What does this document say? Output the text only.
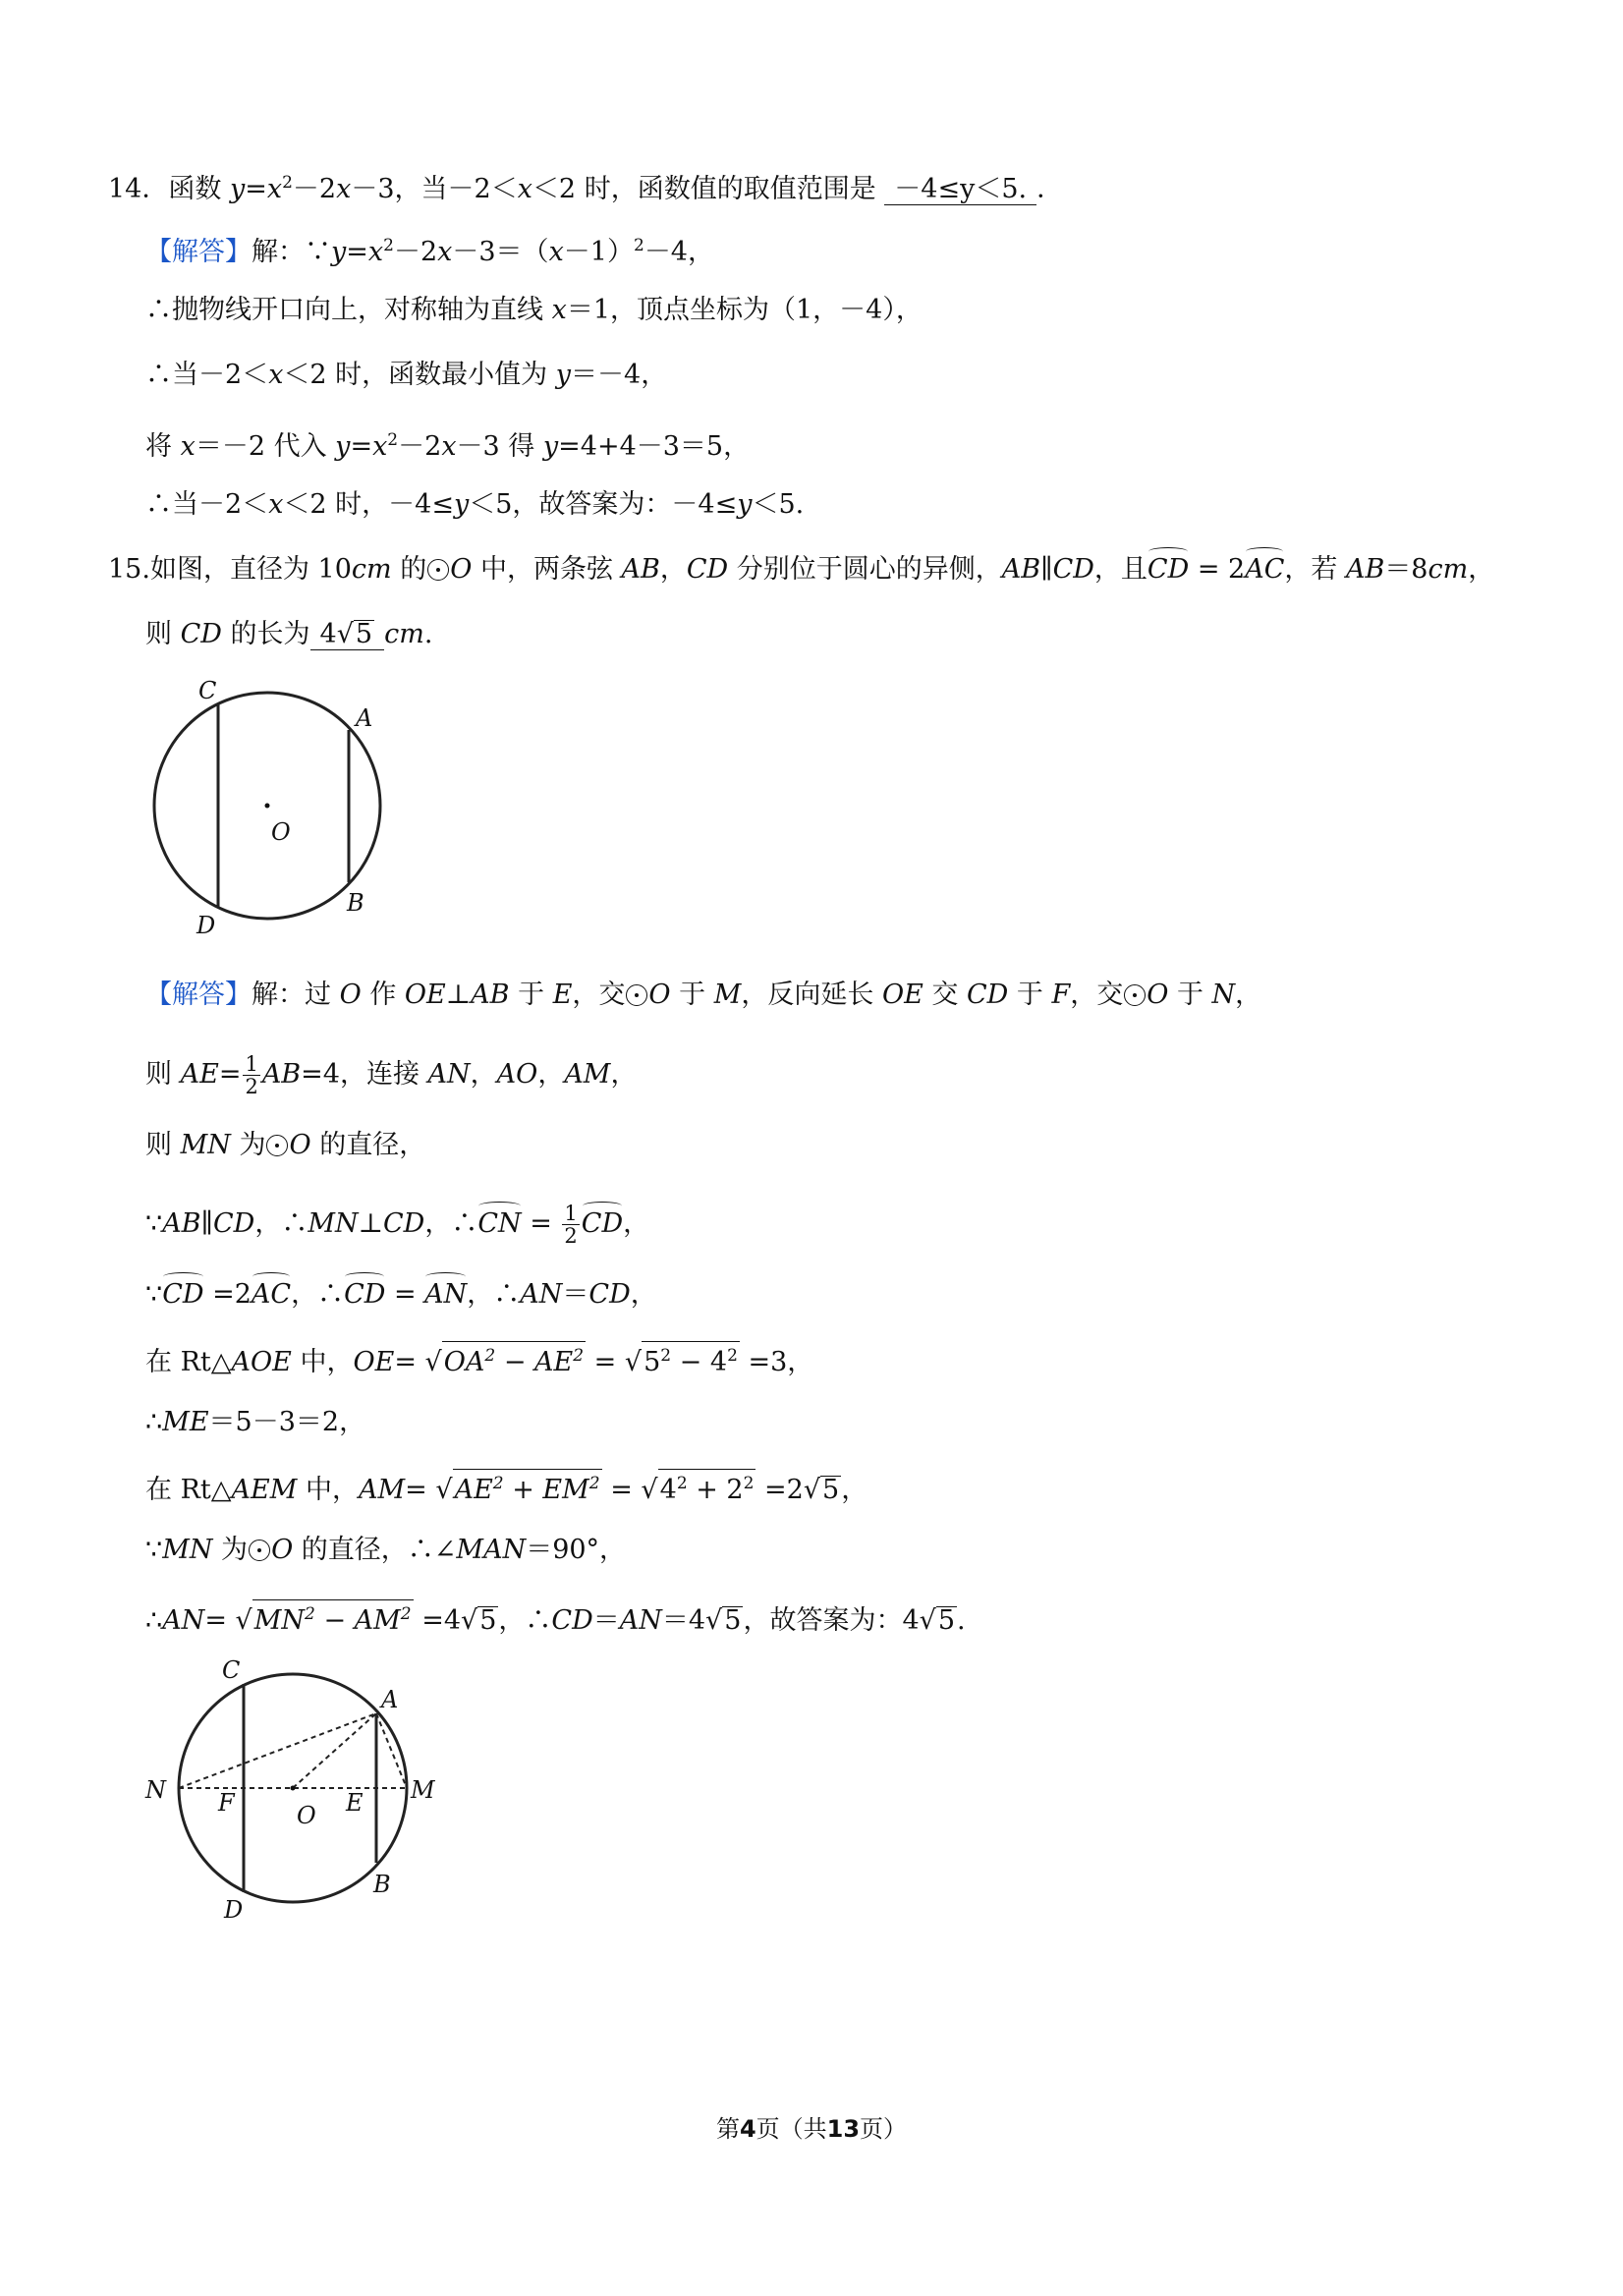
14．函数 $y=x^2-2x-3$，当－2＜x＜2 时，函数值的取值范围是 －4≤y＜5. ．
【解答】解：$\because y=x^2-2x-3=(x-1)^2-4$，
∴抛物线开口向上，对称轴为直线 x＝1，顶点坐标为（1，－4），
∴当－2＜x＜2 时，函数最小值为 y＝－4，
将 x＝－2 代入 $y=x^2-2x-3$ 得 y=4+4－3＝5，
∴当－2＜x＜2 时，－4≤y＜5，故答案为：－4≤y＜5.
15.如图，直径为 10cm 的 O 中，两条弦 AB，CD 分别位于圆心的异侧，AB∥CD，且CD = 2AC，若 AB＝8cm，
则 CD 的长为 4√5 cm.
C
A
O
B
D
【解答】解：过 O 作 OE⊥AB 于 E，交 O 于 M，反向延长 OE 交 CD 于 F，交 O 于 N，
则 $AE= \frac{1}{2} AB=4$，连接 AN，AO，AM，
则 MN 为 O 的直径，
∵AB∥CD，∴MN⊥CD，∴CN = $\frac{1}{2}$ CD，
∵CD =2AC，∴CD = AN，∴AN＝CD，
在 Rt△AOE 中，$OE= √OA^2 - AE^2 = √5^2 - 4^2 =3$，
∴ME＝5－3＝2，
在 Rt△AEM 中，$AM= √AE^2 + EM^2 = √4^2 + 2^2 =2√5$，
∵MN 为 O 的直径，∴∠MAN＝90°，
∴AN= $√MN^2 - AM^2 =4√5$，∴CD＝AN＝4√5，故答案为：4√5.
C
A
N F	O E M
B
D
第4页（共13页）
